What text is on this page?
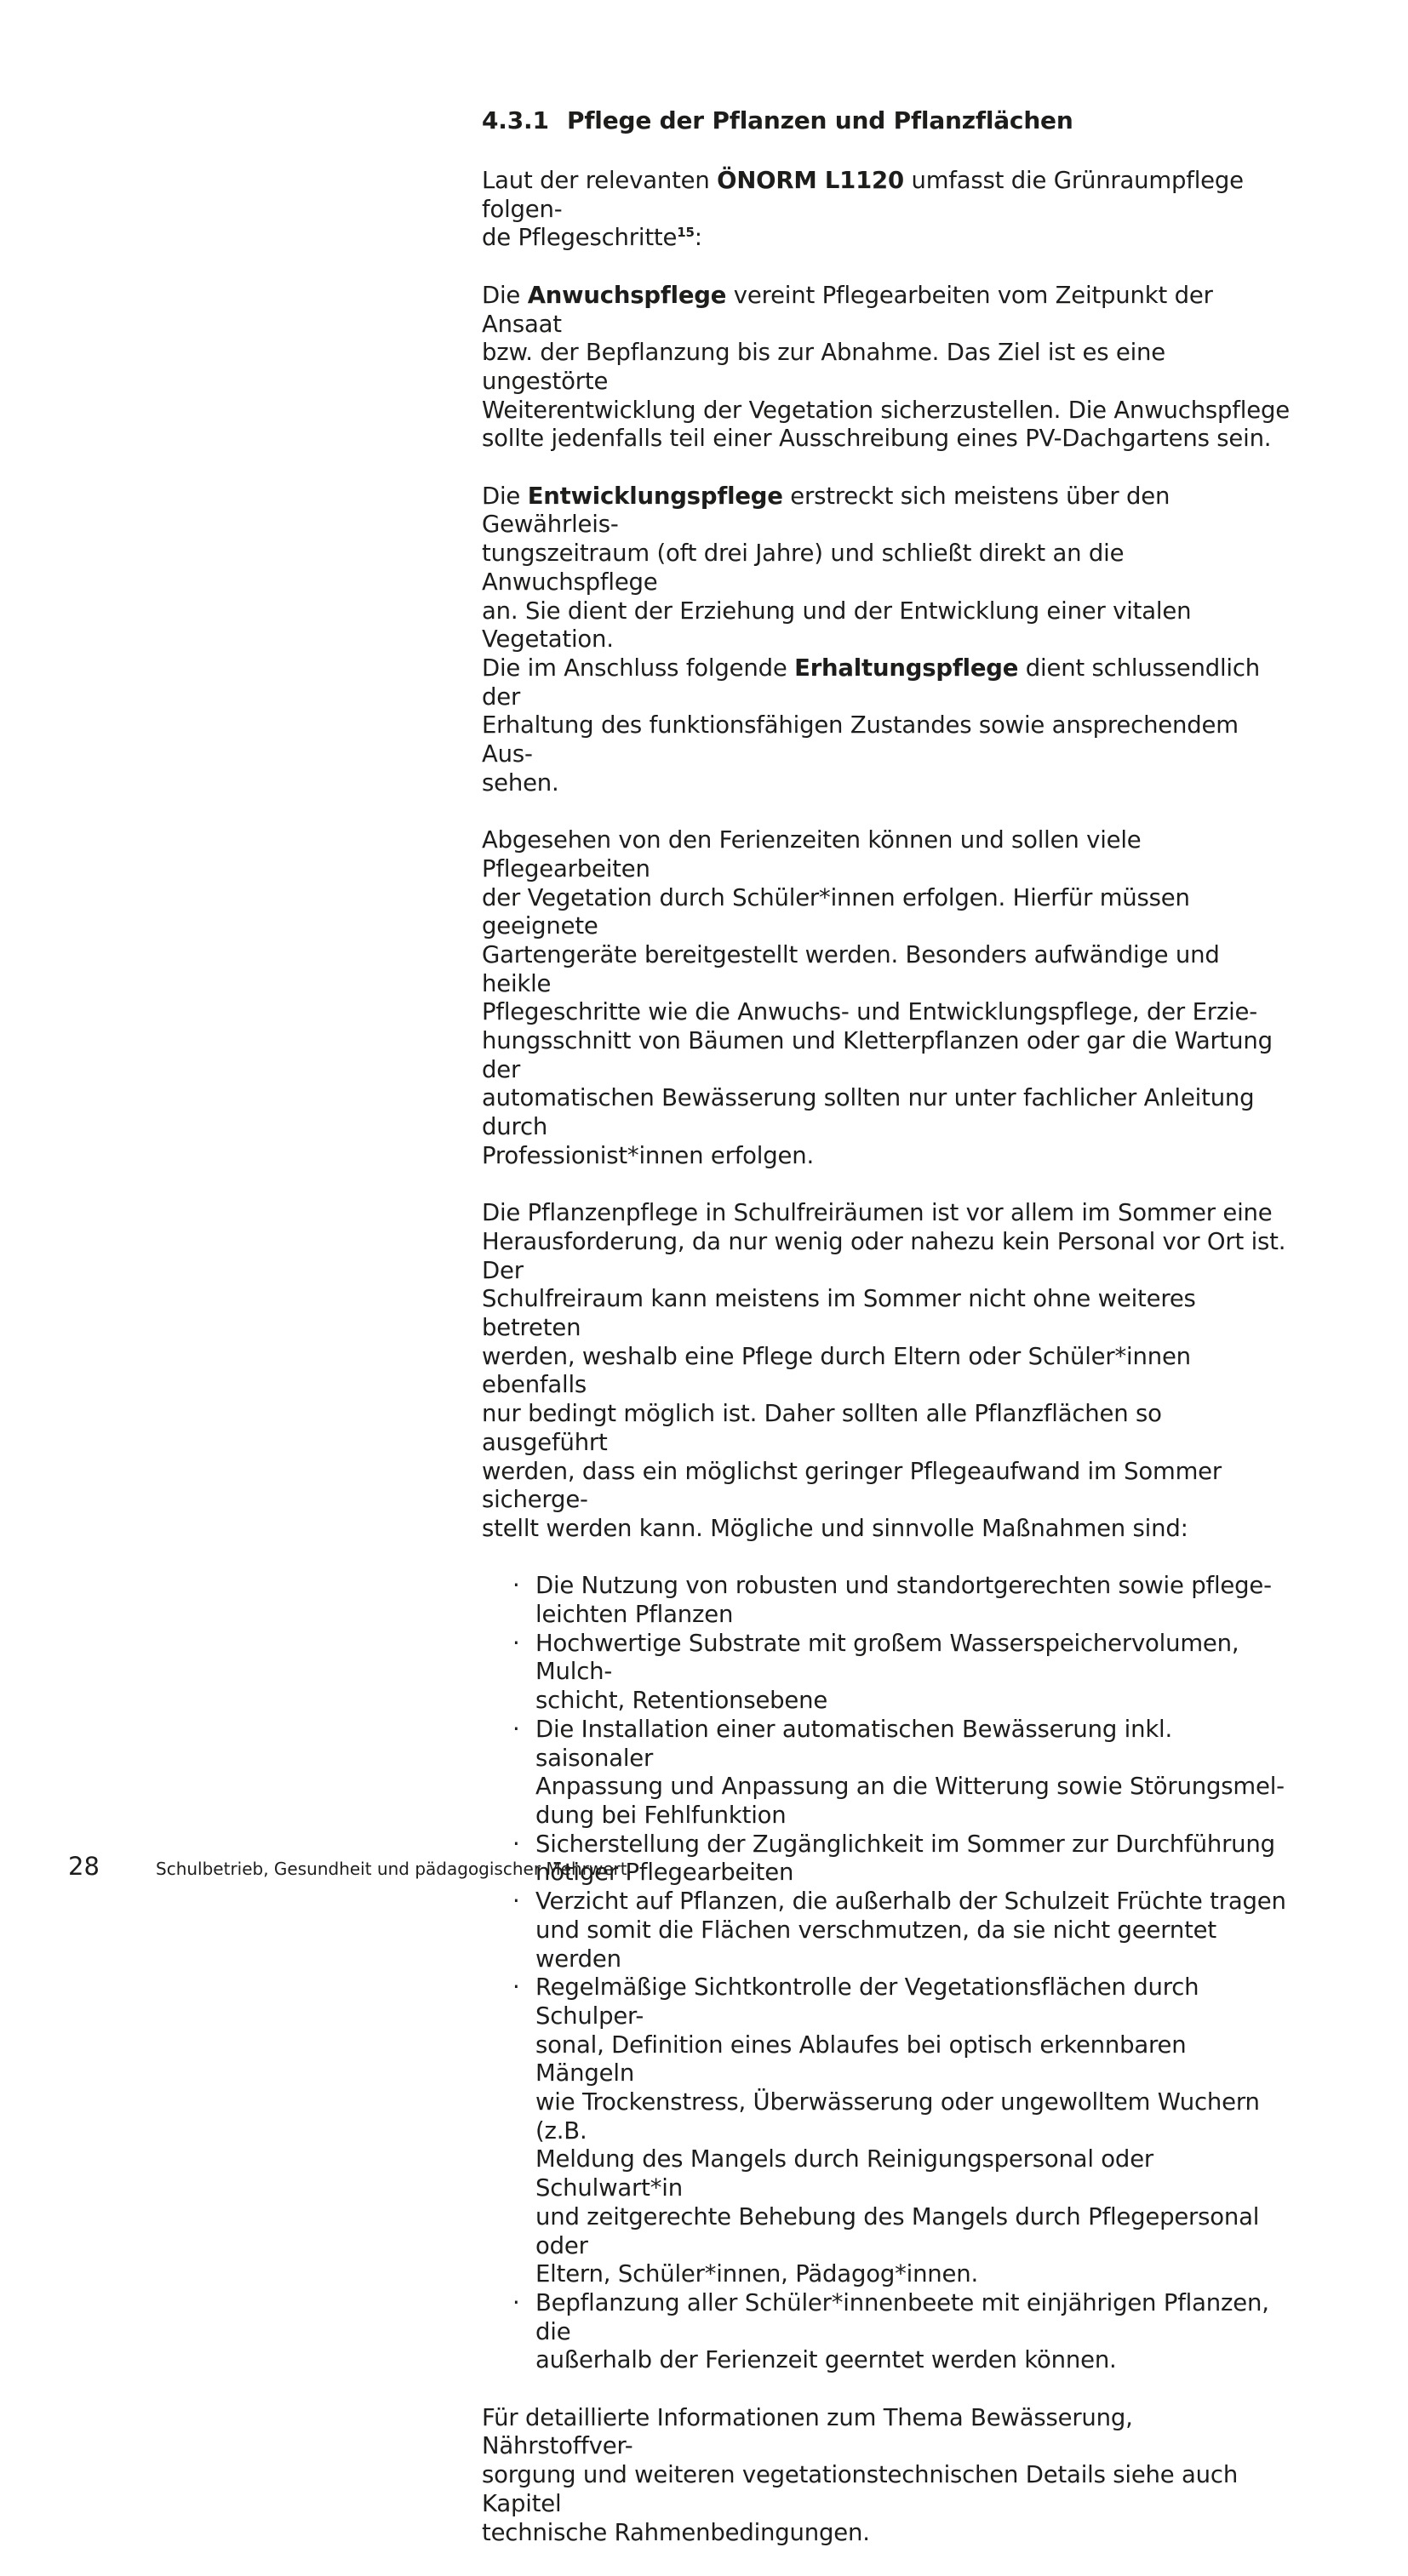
4.3.1 Pflege der Pflanzen und Pflanzflächen

Laut der relevanten ÖNORM L1120 umfasst die Grünraumpflege folgen-
de Pflegeschritte$^{15}$:

Die Anwuchspflege vereint Pflegearbeiten vom Zeitpunkt der Ansaat
bzw. der Bepflanzung bis zur Abnahme. Das Ziel ist es eine ungestörte
Weiterentwicklung der Vegetation sicherzustellen. Die Anwuchspflege
sollte jedenfalls teil einer Ausschreibung eines PV-Dachgartens sein.

Die Entwicklungspflege erstreckt sich meistens über den Gewährleis-
tungszeitraum (oft drei Jahre) und schließt direkt an die Anwuchspflege
an. Sie dient der Erziehung und der Entwicklung einer vitalen Vegetation.
Die im Anschluss folgende Erhaltungspflege dient schlussendlich der
Erhaltung des funktionsfähigen Zustandes sowie ansprechendem Aus-
sehen.

Abgesehen von den Ferienzeiten können und sollen viele Pflegearbeiten
der Vegetation durch Schüler*innen erfolgen. Hierfür müssen geeignete
Gartengeräte bereitgestellt werden. Besonders aufwändige und heikle
Pflegeschritte wie die Anwuchs- und Entwicklungspflege, der Erzie-
hungsschnitt von Bäumen und Kletterpflanzen oder gar die Wartung der
automatischen Bewässerung sollten nur unter fachlicher Anleitung durch
Professionist*innen erfolgen.

Die Pflanzenpflege in Schulfreiräumen ist vor allem im Sommer eine
Herausforderung, da nur wenig oder nahezu kein Personal vor Ort ist. Der
Schulfreiraum kann meistens im Sommer nicht ohne weiteres betreten
werden, weshalb eine Pflege durch Eltern oder Schüler*innen ebenfalls
nur bedingt möglich ist. Daher sollten alle Pflanzflächen so ausgeführt
werden, dass ein möglichst geringer Pflegeaufwand im Sommer sicherge-
stellt werden kann. Mögliche und sinnvolle Maßnahmen sind:

· Die Nutzung von robusten und standortgerechten sowie pflege-
leichten Pflanzen
· Hochwertige Substrate mit großem Wasserspeichervolumen, Mulch-
schicht, Retentionsebene
· Die Installation einer automatischen Bewässerung inkl. saisonaler
Anpassung und Anpassung an die Witterung sowie Störungsmel-
dung bei Fehlfunktion
· Sicherstellung der Zugänglichkeit im Sommer zur Durchführung
nötiger Pflegearbeiten
· Verzicht auf Pflanzen, die außerhalb der Schulzeit Früchte tragen
und somit die Flächen verschmutzen, da sie nicht geerntet werden
· Regelmäßige Sichtkontrolle der Vegetationsflächen durch Schulper-
sonal, Definition eines Ablaufes bei optisch erkennbaren Mängeln
wie Trockenstress, Überwässerung oder ungewolltem Wuchern (z.B.
Meldung des Mangels durch Reinigungspersonal oder Schulwart*in
und zeitgerechte Behebung des Mangels durch Pflegepersonal oder
Eltern, Schüler*innen, Pädagog*innen.
· Bepflanzung aller Schüler*innenbeete mit einjährigen Pflanzen, die
außerhalb der Ferienzeit geerntet werden können.

Für detaillierte Informationen zum Thema Bewässerung, Nährstoffver-
sorgung und weiteren vegetationstechnischen Details siehe auch Kapitel
technische Rahmenbedingungen.

28	Schulbetrieb, Gesundheit und pädagogischer Mehrwert
